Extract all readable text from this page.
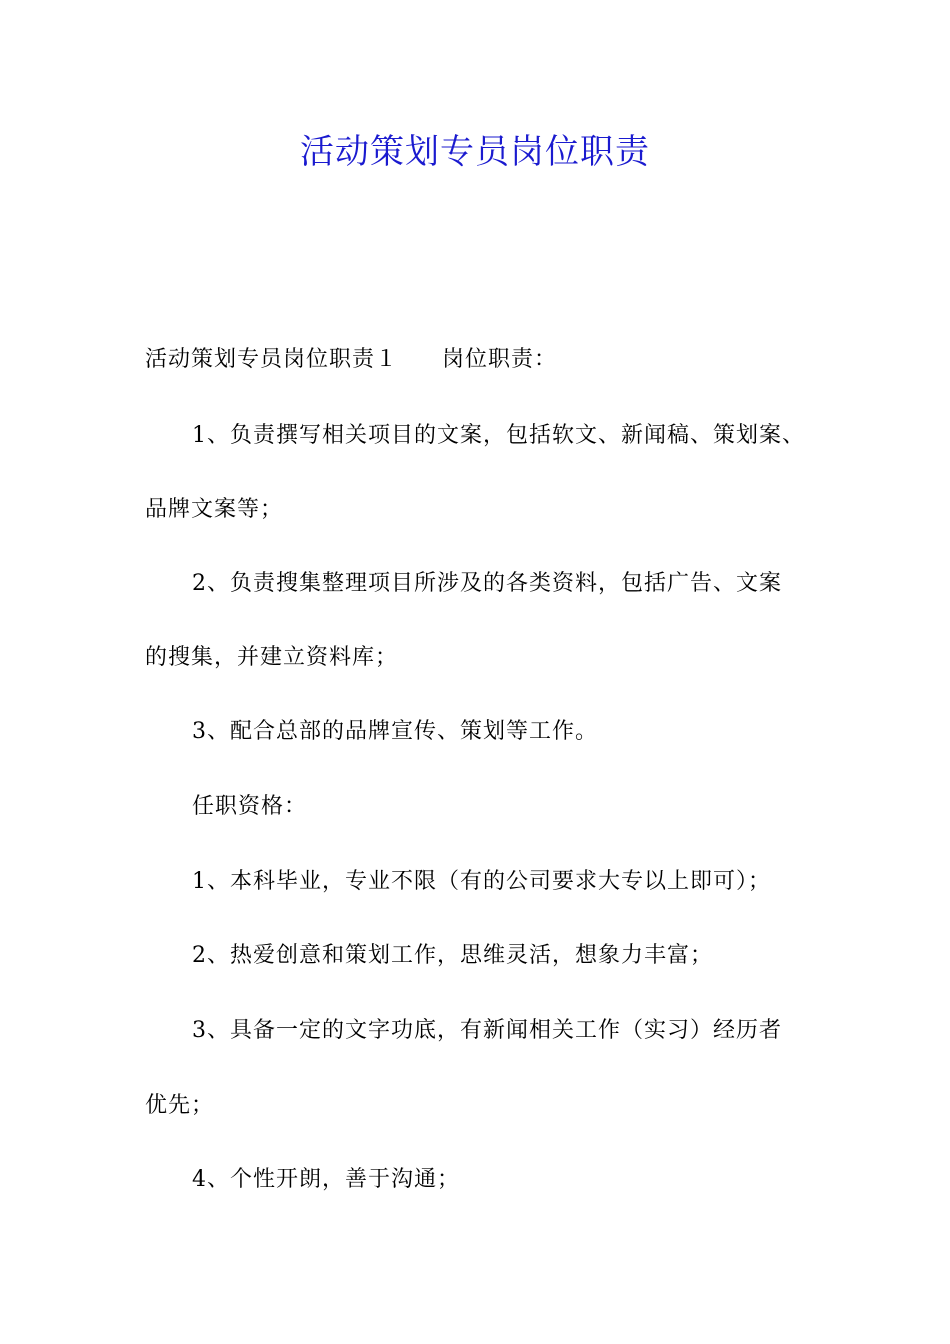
活动策划专员岗位职责
活动策划专员岗位职责１ 岗位职责：
1、负责撰写相关项目的文案，包括软文、新闻稿、策划案、
品牌文案等；
2、负责搜集整理项目所涉及的各类资料，包括广告、文案
的搜集，并建立资料库；
3、配合总部的品牌宣传、策划等工作。
任职资格：
1、本科毕业，专业不限（有的公司要求大专以上即可）；
2、热爱创意和策划工作，思维灵活，想象力丰富；
3、具备一定的文字功底，有新闻相关工作（实习）经历者
优先；
4、个性开朗，善于沟通；
